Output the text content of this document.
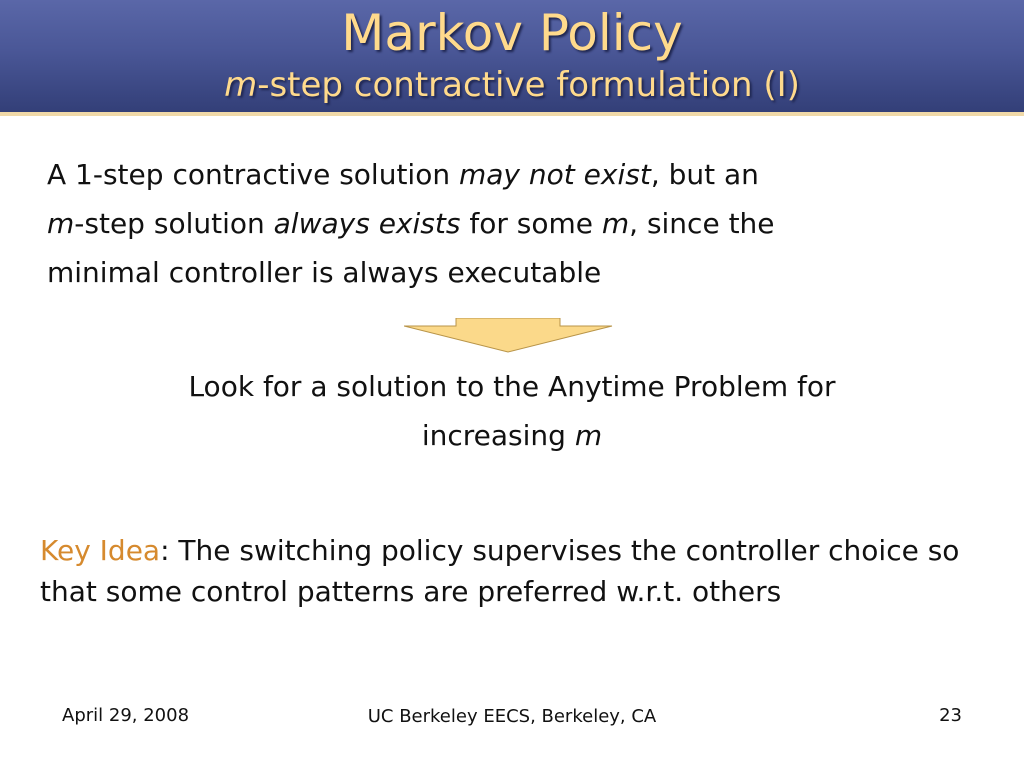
Markov Policy
m-step contractive formulation (I)
A 1-step contractive solution may not exist, but an
m-step solution always exists for some m, since the
minimal controller is always executable
Look for a solution to the Anytime Problem for
increasing m
Key Idea: The switching policy supervises the controller choice so that some control patterns are preferred w.r.t. others
April 29, 2008	UC Berkeley EECS, Berkeley, CA	23
